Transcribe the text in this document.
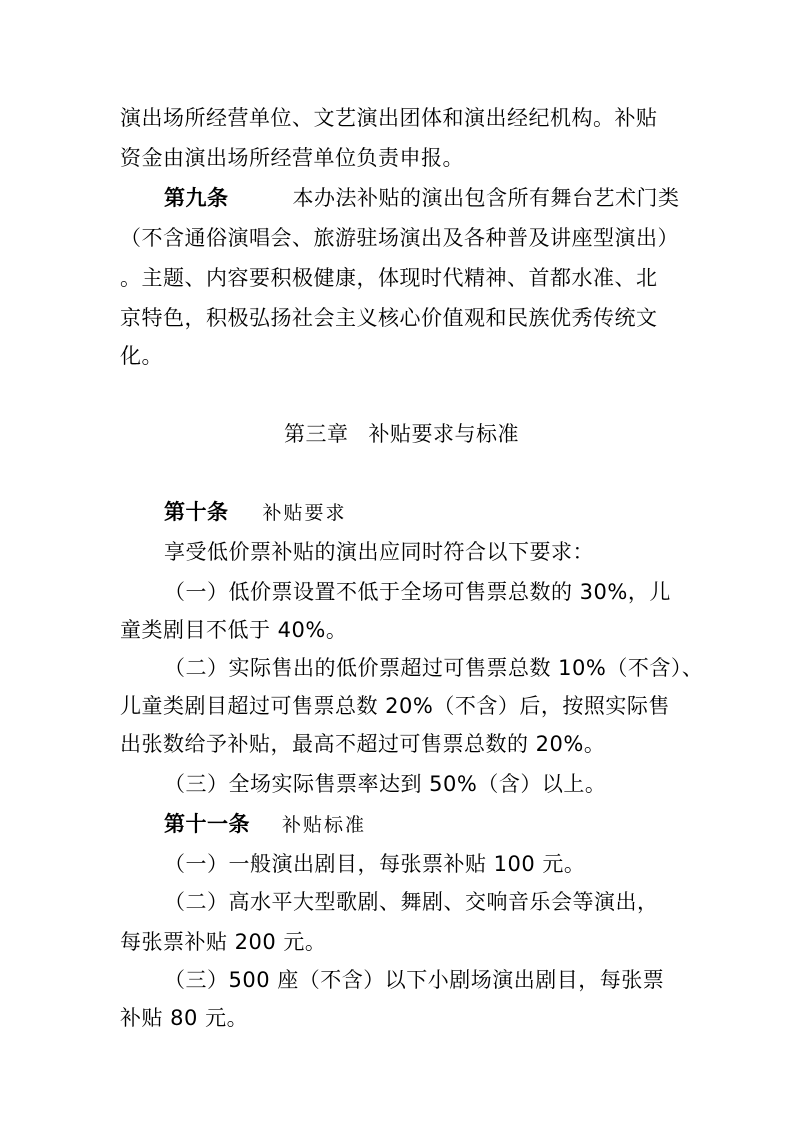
演出场所经营单位、文艺演出团体和演出经纪机构。补贴
资金由演出场所经营单位负责申报。
第九条	本办法补贴的演出包含所有舞台艺术门类
（不含通俗演唱会、旅游驻场演出及各种普及讲座型演出）
。主题、内容要积极健康，体现时代精神、首都水准、北
京特色，积极弘扬社会主义核心价值观和民族优秀传统文
化。
第三章 补贴要求与标准
第十条 补贴要求
享受低价票补贴的演出应同时符合以下要求：
（一）低价票设置不低于全场可售票总数的 30%，儿
童类剧目不低于 40%。
（二）实际售出的低价票超过可售票总数 10%（不含）、
儿童类剧目超过可售票总数 20%（不含）后，按照实际售
出张数给予补贴，最高不超过可售票总数的 20%。
（三）全场实际售票率达到 50%（含）以上。
第十一条 补贴标准
（一）一般演出剧目，每张票补贴 100 元。
（二）高水平大型歌剧、舞剧、交响音乐会等演出，
每张票补贴 200 元。
（三）500 座（不含）以下小剧场演出剧目，每张票
补贴 80 元。
